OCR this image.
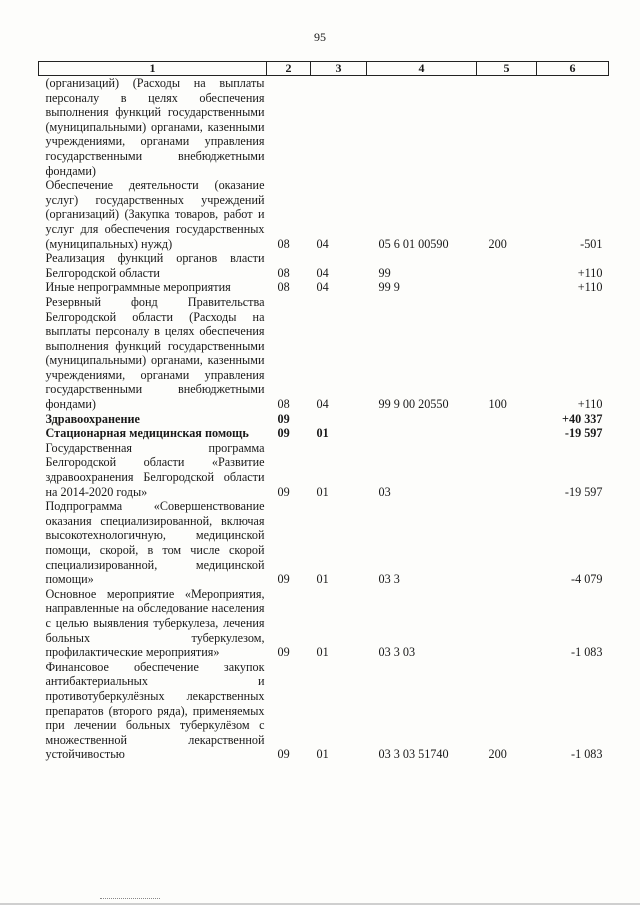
95
1	2	3	4	5	6
(организаций) (Расходы на выплаты персоналу в целях обеспечения выполнения функций государственными (муниципальными) органами, казенными учреждениями, органами управления государственными внебюджетными фондами)					
Обеспечение деятельности (оказание услуг) государственных учреждений (организаций) (Закупка товаров, работ и услуг для обеспечения государственных (муниципальных) нужд)	08	04	05 6 01 00590	200	-501
Реализация функций органов власти Белгородской области	08	04	99		+110
Иные непрограммные мероприятия	08	04	99 9		+110
Резервный фонд Правительства Белгородской области (Расходы на выплаты персоналу в целях обеспечения выполнения функций государственными (муниципальными) органами, казенными учреждениями, органами управления государственными внебюджетными фондами)	08	04	99 9 00 20550	100	+110
Здравоохранение	09				+40 337
Стационарная медицинская помощь	09	01			-19 597
Государственная программа Белгородской области «Развитие здравоохранения Белгородской области на 2014-2020 годы»	09	01	03		-19 597
Подпрограмма «Совершенствование оказания специализированной, включая высокотехнологичную, медицинской помощи, скорой, в том числе скорой специализированной, медицинской помощи»	09	01	03 3		-4 079
Основное мероприятие «Мероприятия, направленные на обследование населения с целью выявления туберкулеза, лечения больных туберкулезом, профилактические мероприятия»	09	01	03 3 03		-1 083
Финансовое обеспечение закупок антибактериальных и противотуберкулёзных лекарственных препаратов (второго ряда), применяемых при лечении больных туберкулёзом с множественной лекарственной устойчивостью	09	01	03 3 03 51740	200	-1 083
